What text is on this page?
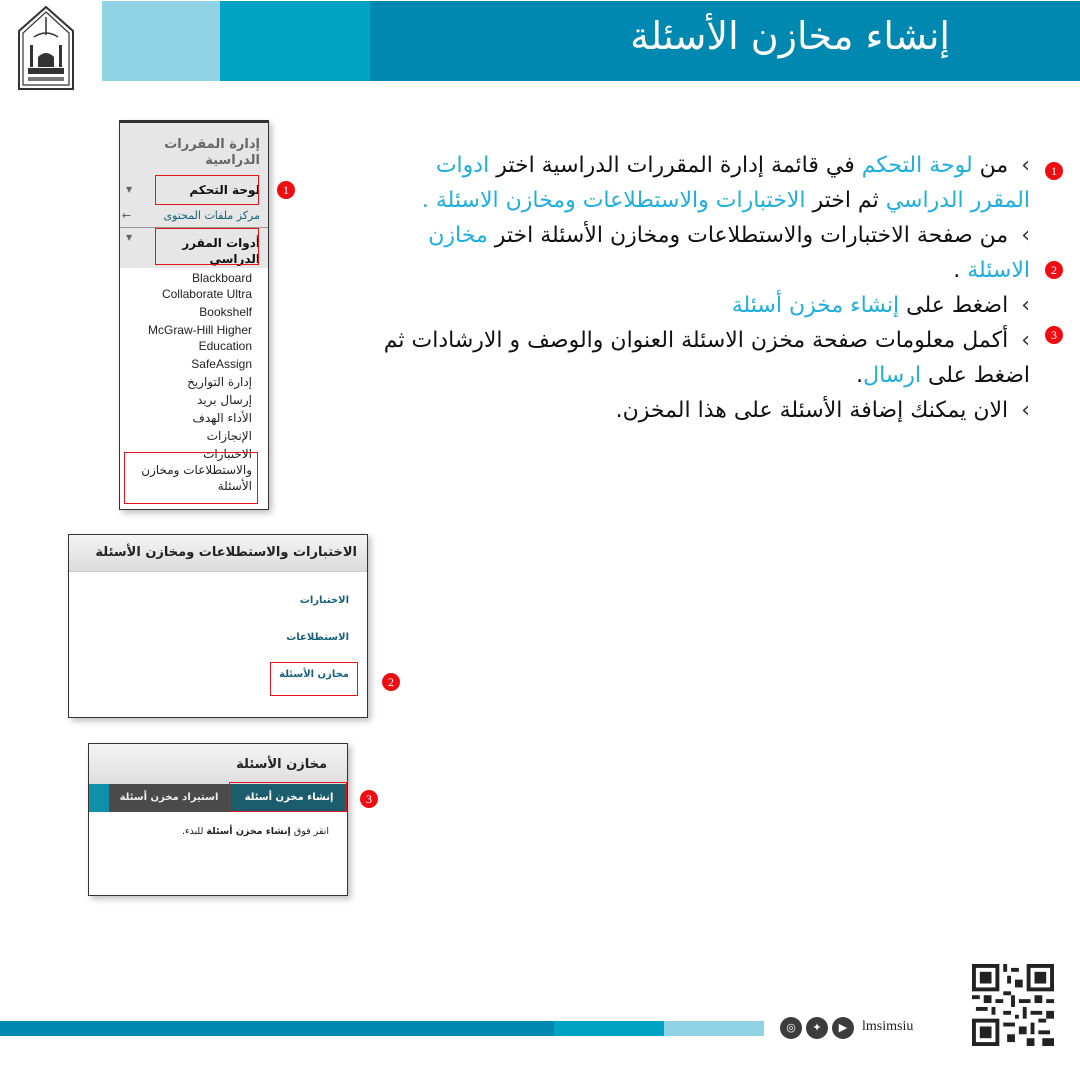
إنشاء مخازن الأسئلة
إدارة المقررات
الدراسية
▼	لوحة التحكم
مركز ملفات المحتوى
←
▼	أدوات المقرر
الدراسي
Blackboard
Collaborate Ultra
Bookshelf
McGraw-Hill Higher
Education
SafeAssign
إدارة التواريخ
إرسال بريد
الأداء الهدف
الإنجازات
الاختبارات
والاستطلاعات ومخازن
الأسئلة
1
الاختبارات والاستطلاعات ومخازن الأسئلة
الاختبارات
الاستطلاعات
مخازن الأسئلة
2
مخازن الأسئلة
إنشاء مخزن أسئلة
استيراد مخزن أسئلة
انقر فوق إنشاء مخزن أسئلة للبدء.
3
1
2
3
› من لوحة التحكم في قائمة إدارة المقررات الدراسية اختر ادوات المقرر الدراسي ثم اختر الاختبارات والاستطلاعات ومخازن الاسئلة .
› من صفحة الاختبارات والاستطلاعات ومخازن الأسئلة اختر مخازن الاسئلة .
› اضغط على إنشاء مخزن أسئلة
› أكمل معلومات صفحة مخزن الاسئلة العنوان والوصف و الارشادات ثم اضغط على ارسال.
› الان يمكنك إضافة الأسئلة على هذا المخزن.
◎	✦	▶	lmsimsiu
